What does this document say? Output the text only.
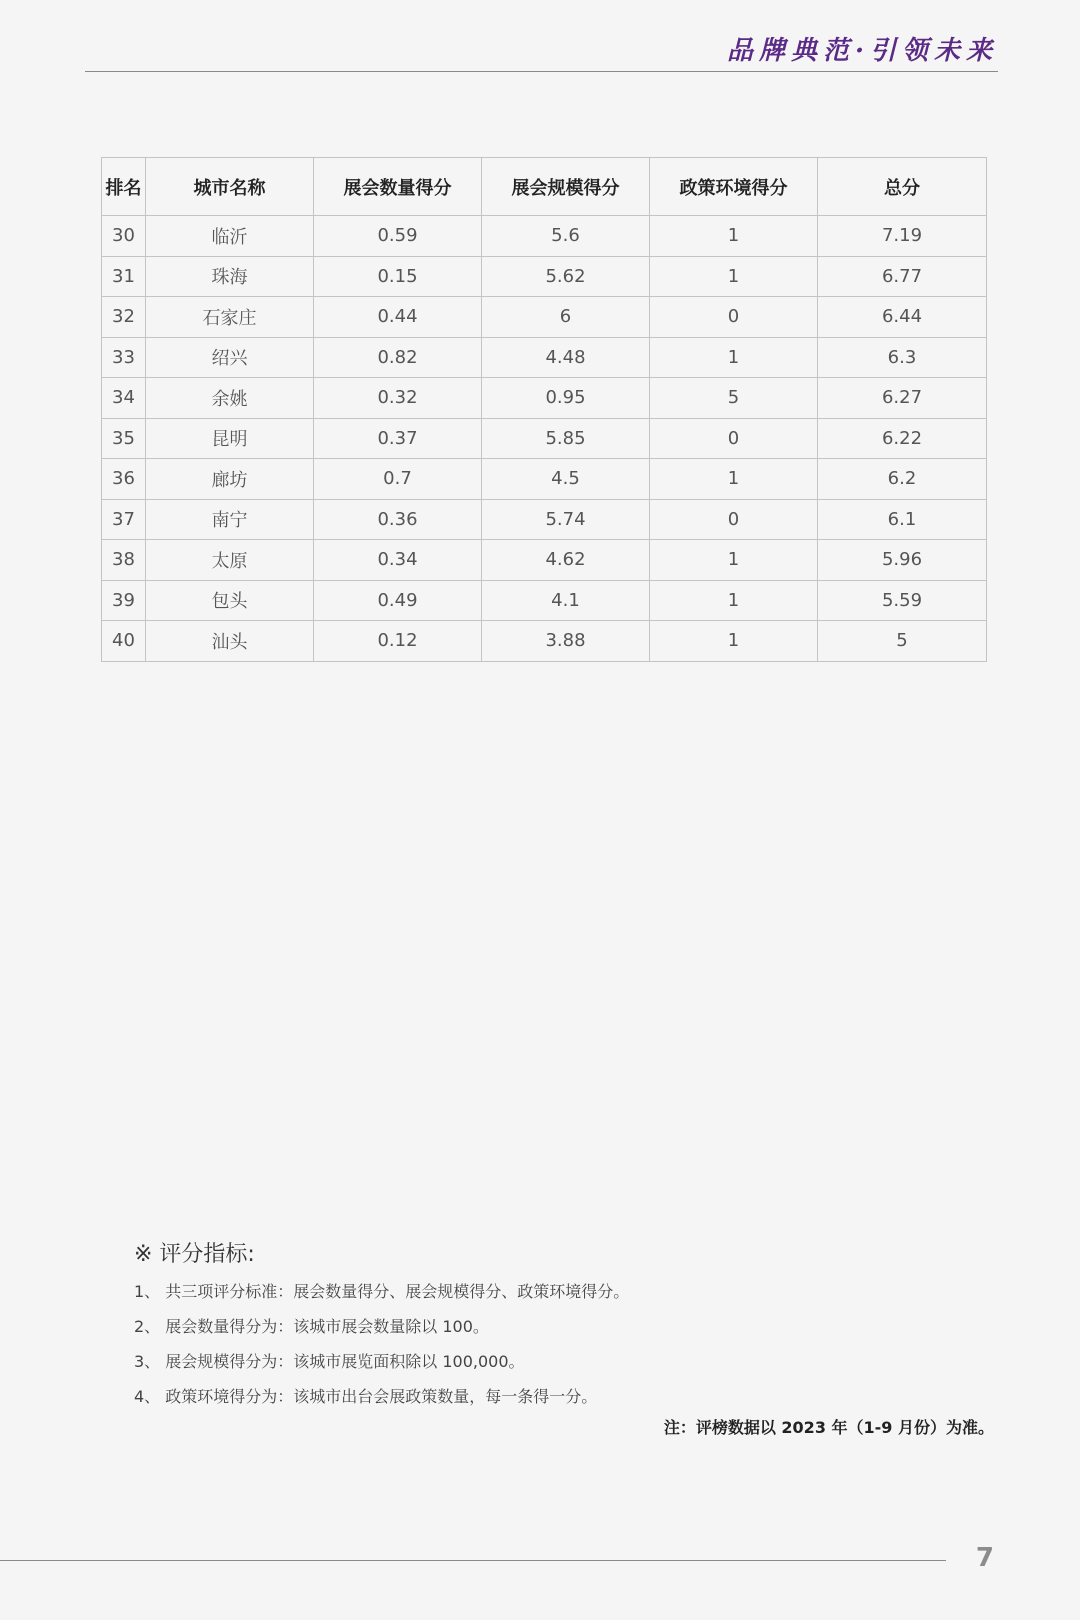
品牌典范·引领未来
排名	城市名称	展会数量得分	展会规模得分	政策环境得分	总分
30	临沂	0.59	5.6	1	7.19
31	珠海	0.15	5.62	1	6.77
32	石家庄	0.44	6	0	6.44
33	绍兴	0.82	4.48	1	6.3
34	余姚	0.32	0.95	5	6.27
35	昆明	0.37	5.85	0	6.22
36	廊坊	0.7	4.5	1	6.2
37	南宁	0.36	5.74	0	6.1
38	太原	0.34	4.62	1	5.96
39	包头	0.49	4.1	1	5.59
40	汕头	0.12	3.88	1	5
※ 评分指标:
1、 共三项评分标准：展会数量得分、展会规模得分、政策环境得分。
2、 展会数量得分为：该城市展会数量除以 100。
3、 展会规模得分为：该城市展览面积除以 100,000。
4、 政策环境得分为：该城市出台会展政策数量，每一条得一分。
注：评榜数据以 2023 年（1-9 月份）为准。
7
